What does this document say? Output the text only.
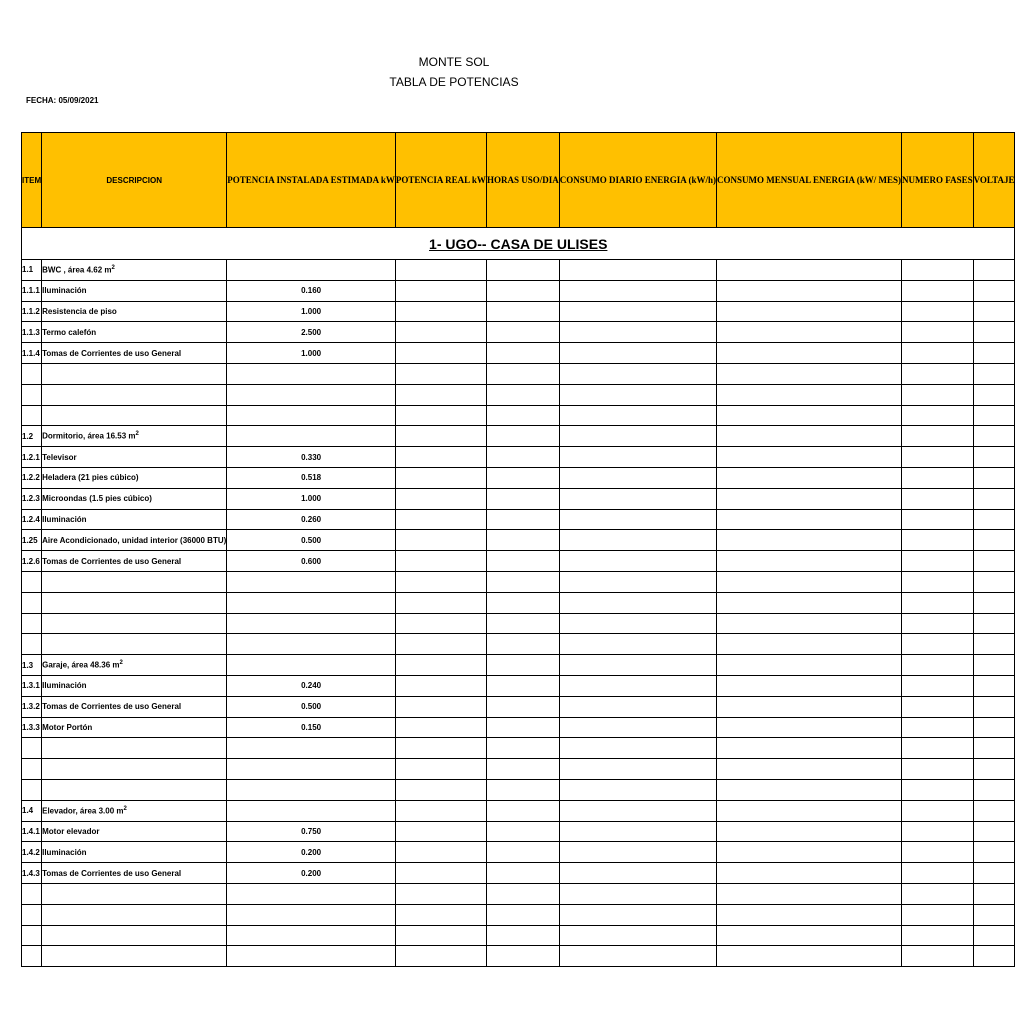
MONTE SOL
TABLA DE POTENCIAS
FECHA: 05/09/2021
ITEM	DESCRIPCION	POTENCIA INSTALADA ESTIMADA kW	POTENCIA REAL kW	HORAS USO/DIA	CONSUMO DIARIO ENERGIA (kW/h)	CONSUMO MENSUAL ENERGIA (kW/ MES)	NUMERO FASES	VOLTAJE
1- UGO-- CASA DE ULISES								
1.1	BWC , área 4.62 $m^2$							
1.1.1	Iluminación	0.160						
1.1.2	Resistencia de piso	1.000						
1.1.3	Termo calefón	2.500						
1.1.4	Tomas de Corrientes de uso General	1.000						

1.2	Dormitorio, área 16.53 $m^2$							
1.2.1	Televisor	0.330						
1.2.2	Heladera (21 pies cúbico)	0.518						
1.2.3	Microondas (1.5 pies cúbico)	1.000						
1.2.4	Iluminación	0.260						
1.25	Aire Acondicionado, unidad interior (36000 BTU)	0.500						
1.2.6	Tomas de Corrientes de uso General	0.600						

1.3	Garaje, área 48.36 $m^2$							
1.3.1	Iluminación	0.240						
1.3.2	Tomas de Corrientes de uso General	0.500						
1.3.3	Motor Portón	0.150						

1.4	Elevador, área 3.00 $m^2$							
1.4.1	Motor elevador	0.750						
1.4.2	Iluminación	0.200						
1.4.3	Tomas de Corrientes de uso General	0.200						
